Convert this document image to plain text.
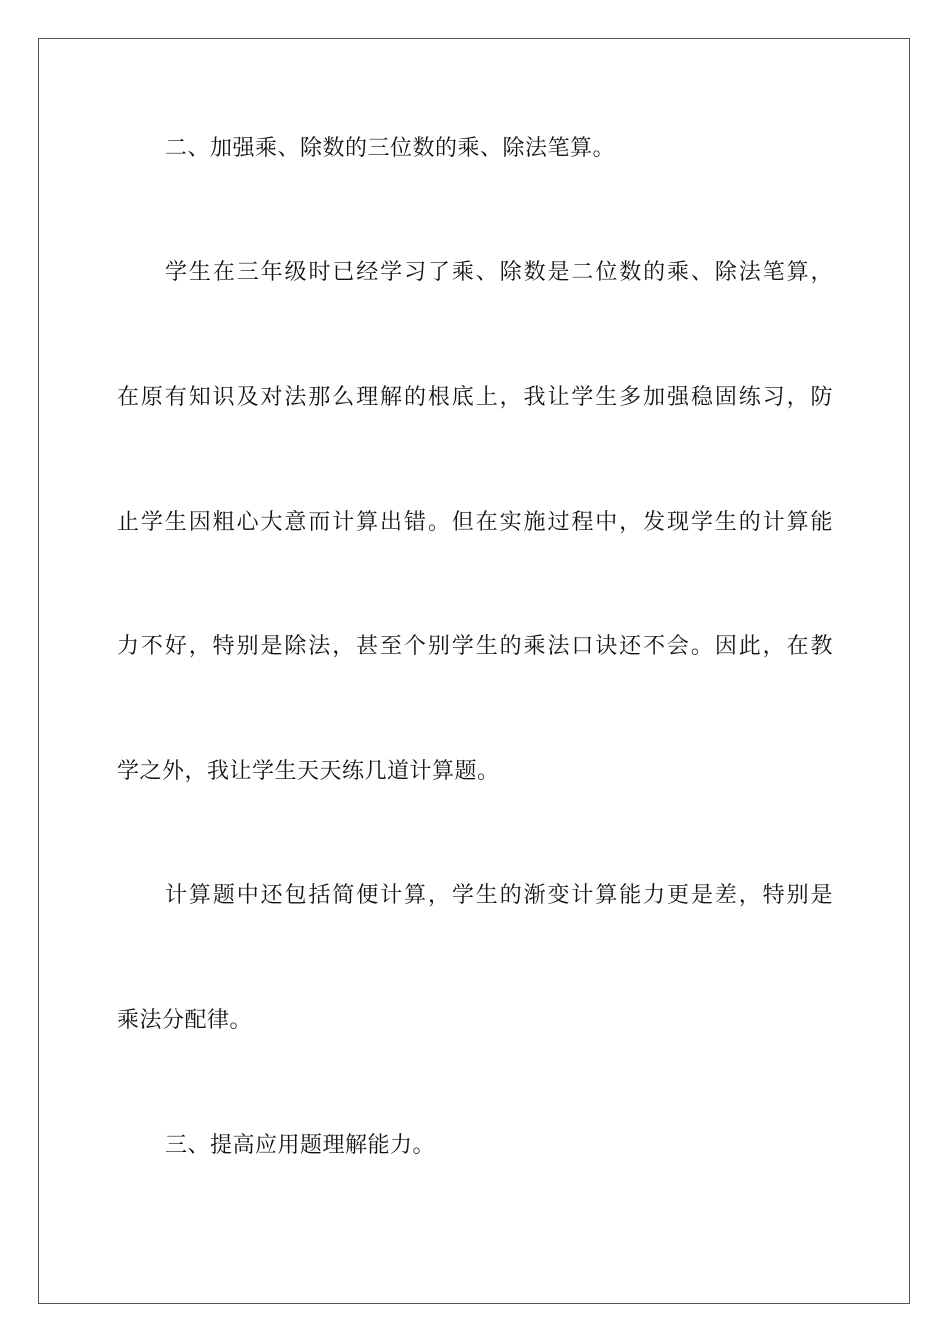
二、加强乘、除数的三位数的乘、除法笔算。
学生在三年级时已经学习了乘、除数是二位数的乘、除法笔算，
在原有知识及对法那么理解的根底上，我让学生多加强稳固练习，防
止学生因粗心大意而计算出错。但在实施过程中，发现学生的计算能
力不好，特别是除法，甚至个别学生的乘法口诀还不会。因此，在教
学之外，我让学生天天练几道计算题。
计算题中还包括简便计算，学生的渐变计算能力更是差，特别是
乘法分配律。
三、提高应用题理解能力。
